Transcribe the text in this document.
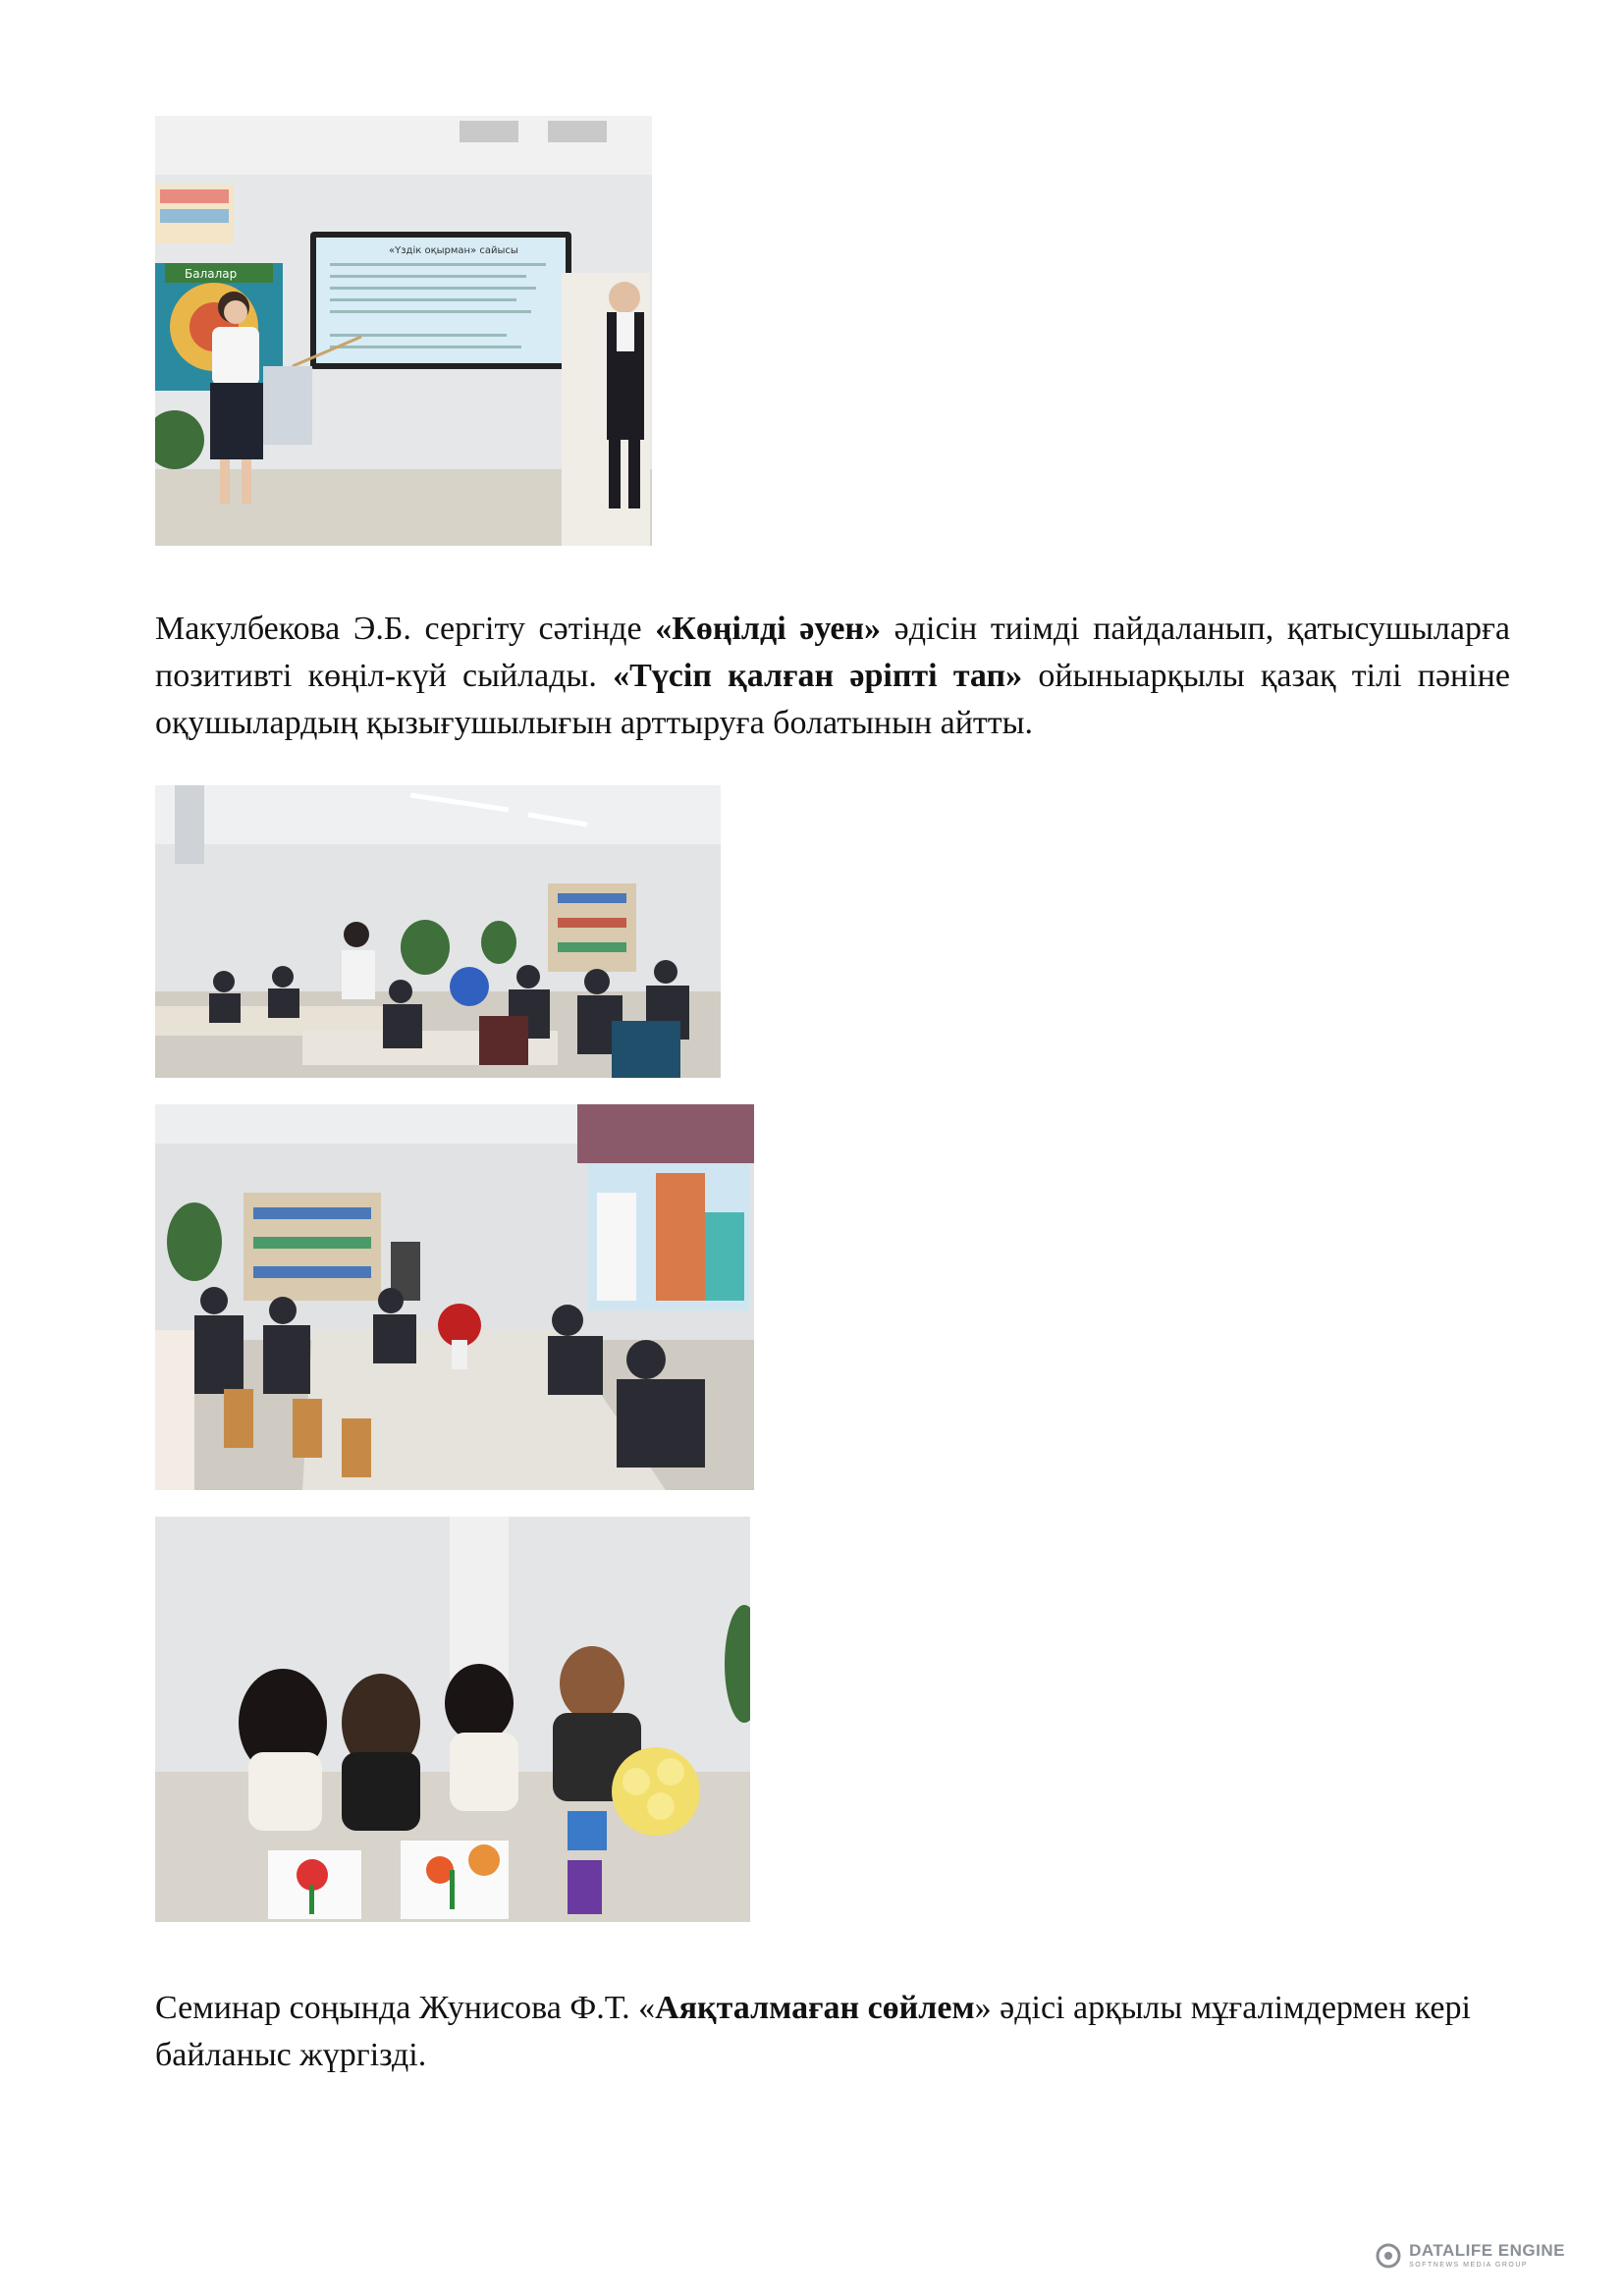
Балалар
«Үздік оқырман» сайысы

Макулбекова Э.Б. сергіту сәтінде «Көңілді әуен» әдісін тиімді пайдаланып, қатысушыларға позитивті көңіл-күй сыйлады. «Түсіп қалған әріпті тап» ойыныарқылы қазақ тілі пәніне оқушылардың қызығушылығын арттыруға болатынын айтты.

Семинар соңында Жунисова Ф.Т. «Аяқталмаған сөйлем» әдісі арқылы мұғалімдермен кері байланыс жүргізді.

DATALIFE ENGINE
SOFTNEWS MEDIA GROUP
